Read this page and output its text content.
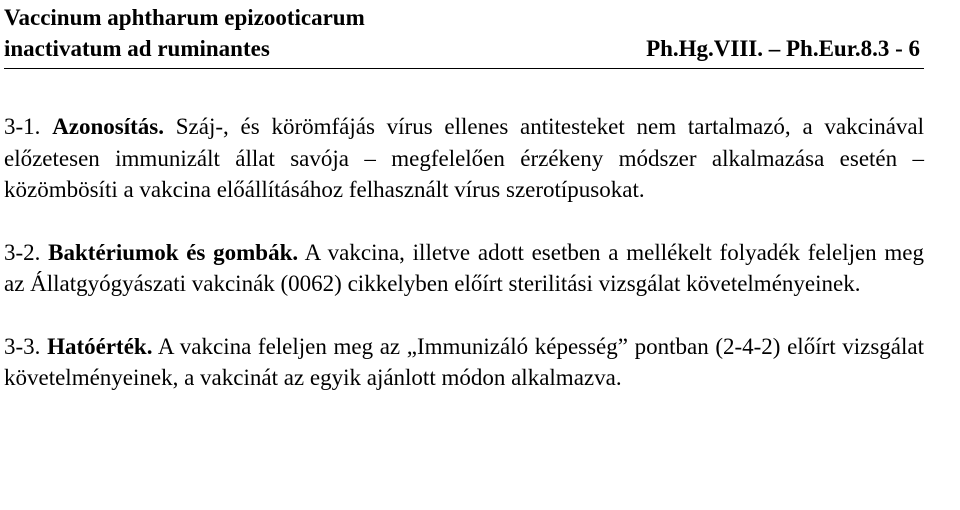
Vaccinum aphtharum epizooticarum
inactivatum ad ruminantes	Ph.Hg.VIII. – Ph.Eur.8.3 - 6

3-1. Azonosítás. Száj-, és körömfájás vírus ellenes antitesteket nem tartalmazó, a vakcinával előzetesen immunizált állat savója – megfelelően érzékeny módszer alkalmazása esetén – közömbösíti a vakcina előállításához felhasznált vírus szerotípusokat.

3-2. Baktériumok és gombák. A vakcina, illetve adott esetben a mellékelt folyadék feleljen meg az Állatgyógyászati vakcinák (0062) cikkelyben előírt sterilitási vizsgálat követelményeinek.

3-3. Hatóérték. A vakcina feleljen meg az „Immunizáló képesség” pontban (2-4-2) előírt vizsgálat követelményeinek, a vakcinát az egyik ajánlott módon alkalmazva.
